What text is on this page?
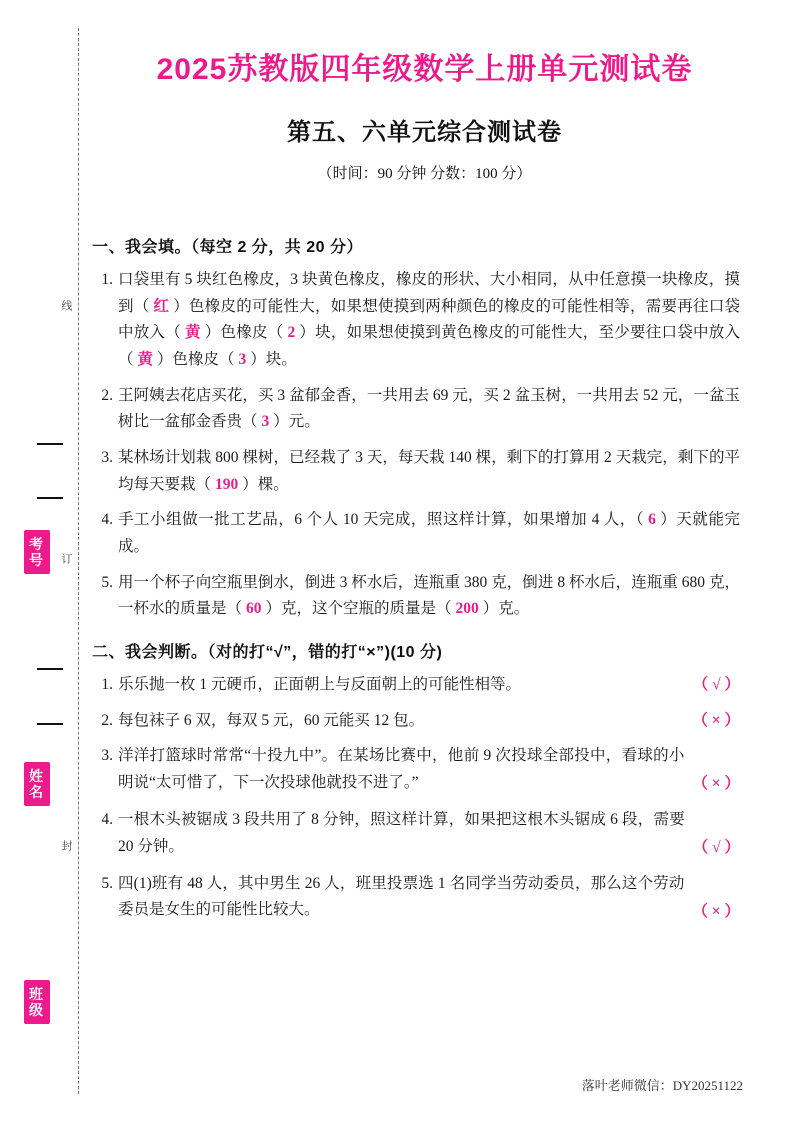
线
订
封
考
号
姓
名
班
级
2025苏教版四年级数学上册单元测试卷
第五、六单元综合测试卷
（时间：90 分钟 分数：100 分）
一、我会填。（每空 2 分，共 20 分）
1. 口袋里有 5 块红色橡皮，3 块黄色橡皮，橡皮的形状、大小相同，从中任意摸一块橡皮，摸到（ 红 ）色橡皮的可能性大，如果想使摸到两种颜色的橡皮的可能性相等，需要再往口袋中放入（ 黄 ）色橡皮（ 2 ）块，如果想使摸到黄色橡皮的可能性大，至少要往口袋中放入（ 黄 ）色橡皮（ 3 ）块。
2. 王阿姨去花店买花，买 3 盆郁金香，一共用去 69 元，买 2 盆玉树，一共用去 52 元，一盆玉树比一盆郁金香贵（ 3 ）元。
3. 某林场计划栽 800 棵树，已经栽了 3 天，每天栽 140 棵，剩下的打算用 2 天栽完，剩下的平均每天要栽（ 190 ）棵。
4. 手工小组做一批工艺品，6 个人 10 天完成，照这样计算，如果增加 4 人，（ 6 ）天就能完成。
5. 用一个杯子向空瓶里倒水，倒进 3 杯水后，连瓶重 380 克，倒进 8 杯水后，连瓶重 680 克，一杯水的质量是（ 60 ）克，这个空瓶的质量是（ 200 ）克。
二、我会判断。（对的打“√”，错的打“×”)(10 分)
1. 乐乐抛一枚 1 元硬币，正面朝上与反面朝上的可能性相等。	（ √ ）
2. 每包袜子 6 双，每双 5 元，60 元能买 12 包。	（ × ）
3.
（ × ）
洋洋打篮球时常常“十投九中”。在某场比赛中，他前 9 次投球全部投中，看球的小明说“太可惜了，下一次投球他就投不进了。”
4.
（ √ ）
一根木头被锯成 3 段共用了 8 分钟，照这样计算，如果把这根木头锯成 6 段，需要 20 分钟。
5.
（ × ）
四(1)班有 48 人，其中男生 26 人，班里投票选 1 名同学当劳动委员，那么这个劳动委员是女生的可能性比较大。
落叶老师微信：DY20251122
